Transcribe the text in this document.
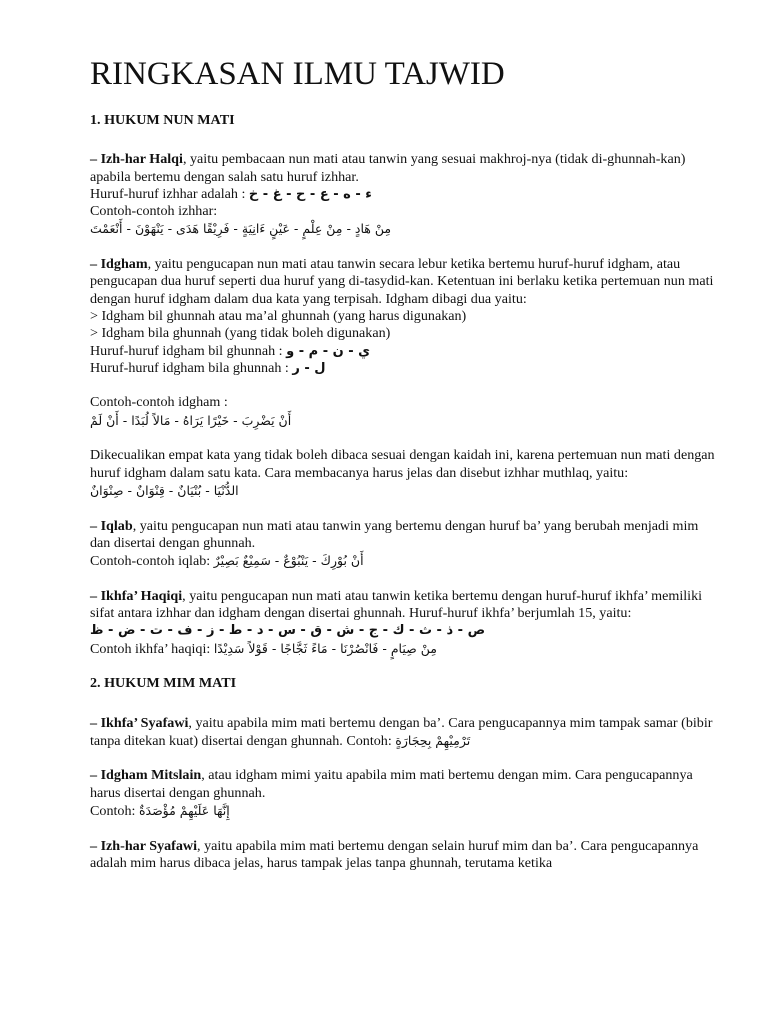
RINGKASAN ILMU TAJWID

1. HUKUM NUN MATI

– Izh-har Halqi, yaitu pembacaan nun mati atau tanwin yang sesuai makhroj-nya (tidak di-ghunnah-kan) apabila bertemu dengan salah satu huruf izhhar.

Huruf-huruf izhhar adalah : ء - ه - ع - ح - غ - خ

Contoh-contoh izhhar:

مِنْ هَادٍ - مِنْ عِلْمٍ - عَيْنٍ ءَانِيَةٍ - فَرِيْقًا هَدَى - يَنْهَوْنَ - أَنْعَمْتَ

– Idgham, yaitu pengucapan nun mati atau tanwin secara lebur ketika bertemu huruf-huruf idgham, atau pengucapan dua huruf seperti dua huruf yang di-tasydid-kan. Ketentuan ini berlaku ketika pertemuan nun mati dengan huruf idgham dalam dua kata yang terpisah. Idgham dibagi dua yaitu:

> Idgham bil ghunnah atau ma’al ghunnah (yang harus digunakan)

> Idgham bila ghunnah (yang tidak boleh digunakan)

Huruf-huruf idgham bil ghunnah : ي - ن - م - و

Huruf-huruf idgham bila ghunnah : ل - ر

Contoh-contoh idgham :

أَنْ يَضْرِبَ - خَيْرًا يَرَاهُ - مَالاً لُبَدًا - أَنْ لَمْ

Dikecualikan empat kata yang tidak boleh dibaca sesuai dengan kaidah ini, karena pertemuan nun mati dengan huruf idgham dalam satu kata. Cara membacanya harus jelas dan disebut izhhar muthlaq, yaitu:

الدُّنْيَا - بُنْيَانٌ - قِنْوَانٌ - صِنْوَانٌ

– Iqlab, yaitu pengucapan nun mati atau tanwin yang bertemu dengan huruf ba’ yang berubah menjadi mim dan disertai dengan ghunnah.

Contoh-contoh iqlab: أَنْ بُوْرِكَ - يَنْبُوْعٌ - سَمِيْعٌ بَصِيْرٌ

– Ikhfa’ Haqiqi, yaitu pengucapan nun mati atau tanwin ketika bertemu dengan huruf-huruf ikhfa’ memiliki sifat antara izhhar dan idgham dengan disertai ghunnah. Huruf-huruf ikhfa’ berjumlah 15, yaitu:

ص - ذ - ث - ك - ج - ش - ق - س - د - ط - ز - ف - ت - ض - ظ

Contoh ikhfa’ haqiqi: مِنْ صِيَامٍ - فَانْصُرْنَا - مَاءً ثَجَّاجًا - قَوْلاً سَدِيْدًا

2. HUKUM MIM MATI

– Ikhfa’ Syafawi, yaitu apabila mim mati bertemu dengan ba’. Cara pengucapannya mim tampak samar (bibir tanpa ditekan kuat) disertai dengan ghunnah. Contoh: تَرْمِيْهِمْ بِحِجَارَةٍ

– Idgham Mitslain, atau idgham mimi yaitu apabila mim mati bertemu dengan mim. Cara pengucapannya harus disertai dengan ghunnah.

Contoh: إِنَّهَا عَلَيْهِمْ مُؤْصَدَةٌ

– Izh-har Syafawi, yaitu apabila mim mati bertemu dengan selain huruf mim dan ba’. Cara pengucapannya adalah mim harus dibaca jelas, harus tampak jelas tanpa ghunnah, terutama ketika
